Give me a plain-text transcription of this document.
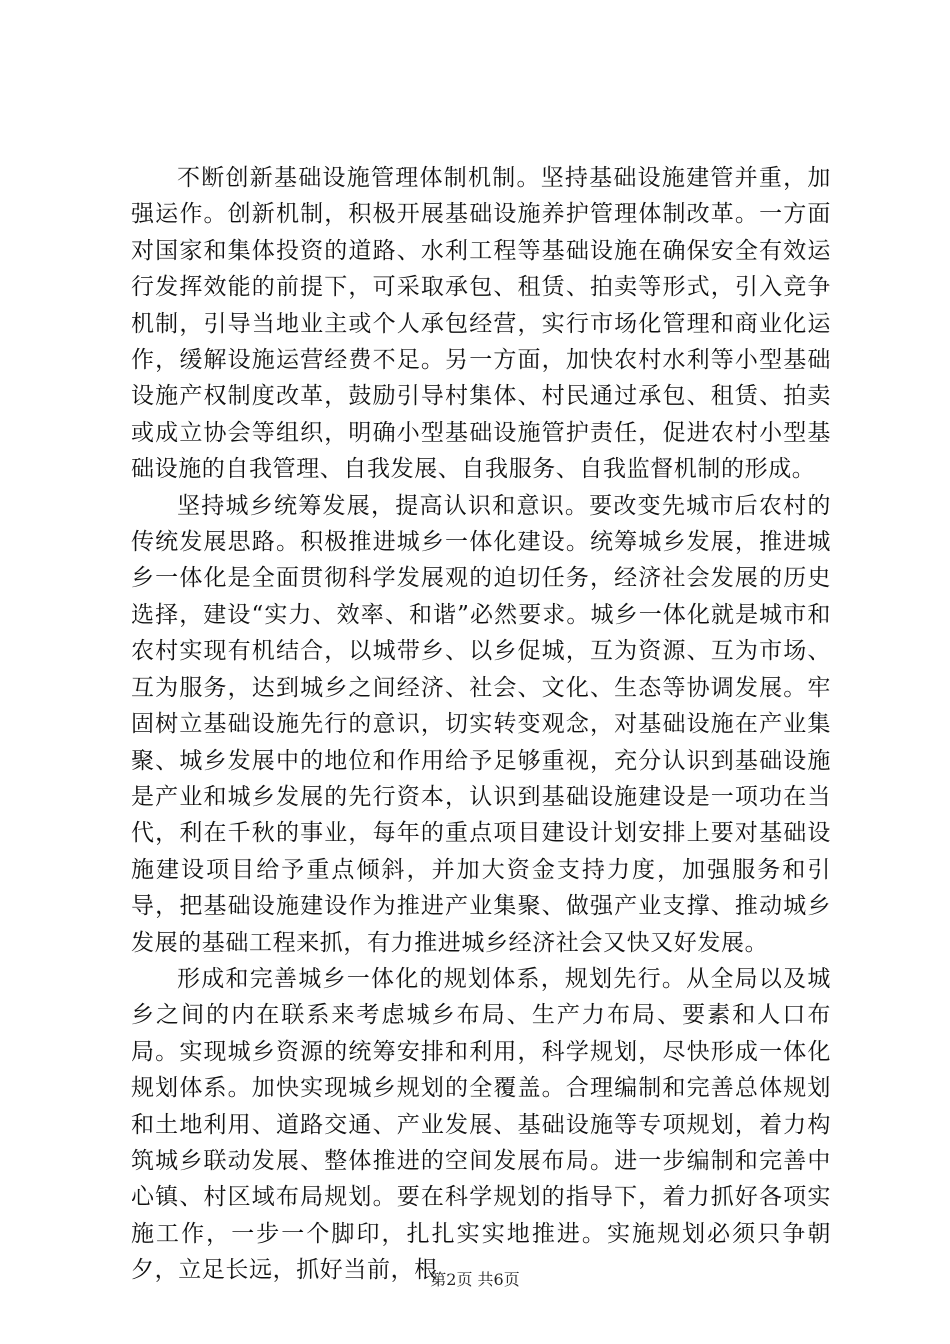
不断创新基础设施管理体制机制。坚持基础设施建管并重，加强运作。创新机制，积极开展基础设施养护管理体制改革。一方面对国家和集体投资的道路、水利工程等基础设施在确保安全有效运行发挥效能的前提下，可采取承包、租赁、拍卖等形式，引入竞争机制，引导当地业主或个人承包经营，实行市场化管理和商业化运作，缓解设施运营经费不足。另一方面，加快农村水利等小型基础设施产权制度改革，鼓励引导村集体、村民通过承包、租赁、拍卖或成立协会等组织，明确小型基础设施管护责任，促进农村小型基础设施的自我管理、自我发展、自我服务、自我监督机制的形成。

坚持城乡统筹发展，提高认识和意识。要改变先城市后农村的传统发展思路。积极推进城乡一体化建设。统筹城乡发展，推进城乡一体化是全面贯彻科学发展观的迫切任务，经济社会发展的历史选择，建设“实力、效率、和谐”必然要求。城乡一体化就是城市和农村实现有机结合，以城带乡、以乡促城，互为资源、互为市场、互为服务，达到城乡之间经济、社会、文化、生态等协调发展。牢固树立基础设施先行的意识，切实转变观念，对基础设施在产业集聚、城乡发展中的地位和作用给予足够重视，充分认识到基础设施是产业和城乡发展的先行资本，认识到基础设施建设是一项功在当代，利在千秋的事业，每年的重点项目建设计划安排上要对基础设施建设项目给予重点倾斜，并加大资金支持力度，加强服务和引导，把基础设施建设作为推进产业集聚、做强产业支撑、推动城乡发展的基础工程来抓，有力推进城乡经济社会又快又好发展。

形成和完善城乡一体化的规划体系，规划先行。从全局以及城乡之间的内在联系来考虑城乡布局、生产力布局、要素和人口布局。实现城乡资源的统筹安排和利用，科学规划，尽快形成一体化规划体系。加快实现城乡规划的全覆盖。合理编制和完善总体规划和土地利用、道路交通、产业发展、基础设施等专项规划，着力构筑城乡联动发展、整体推进的空间发展布局。进一步编制和完善中心镇、村区域布局规划。要在科学规划的指导下，着力抓好各项实施工作，一步一个脚印，扎扎实实地推进。实施规划必须只争朝夕，立足长远，抓好当前，根

第2页 共6页
